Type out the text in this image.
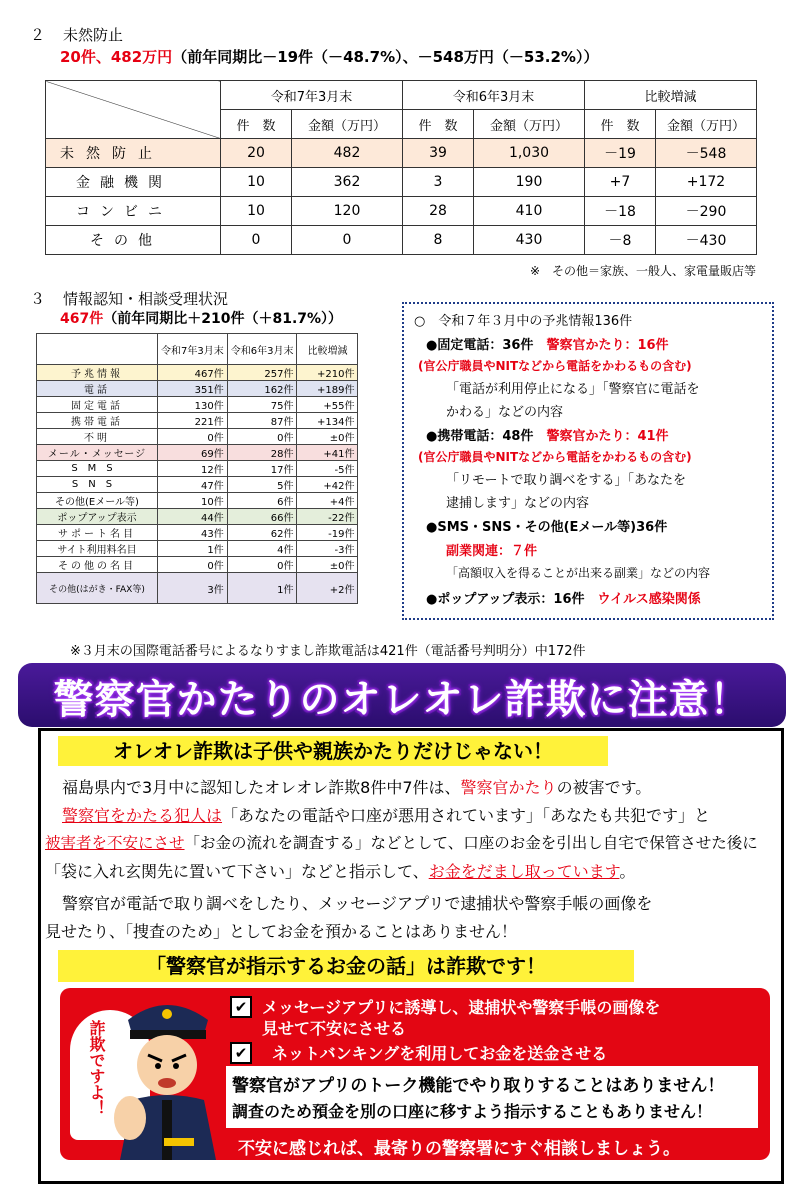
２ 未然防止
20件、482万円（前年同期比－19件（－48.7%）、－548万円（－53.2%））
	令和7年3月末		令和6年3月末		比較増減	
	件　数	金額（万円）	件　数	金額（万円）	件　数	金額（万円）
未然防止	20	482	39	1,030	－19	－548
金融機関	10	362	3	190	+7	+172
コンビニ	10	120	28	410	－18	－290
その他	0	0	8	430	－8	－430
※　その他＝家族、一般人、家電量販店等
３ 情報認知・相談受理状況
467件（前年同期比＋210件（＋81.7%））
	令和7年3月末	令和6年3月末	比較増減
予兆情報	467件	257件	+210件
電話	351件	162件	+189件
固定電話	130件	75件	+55件
携帯電話	221件	87件	+134件
不明	0件	0件	±0件
メール・メッセージ	69件	28件	+41件
SMS	12件	17件	-5件
SNS	47件	5件	+42件
その他(Eメール等)	10件	6件	+4件
ポップアップ表示	44件	66件	-22件
サポート名目	43件	62件	-19件
サイト利用料名目	1件	4件	-3件
その他の名目	0件	0件	±0件
その他(はがき・FAX等)	3件	1件	+2件
○　令和７年３月中の予兆情報136件
●固定電話：36件　 警察官かたり：16件
(官公庁職員やNITなどから電話をかわるもの含む)
「電話が利用停止になる」「警察官に電話を
かわる」などの内容
●携帯電話：48件　 警察官かたり：41件
(官公庁職員やNITなどから電話をかわるもの含む)
「リモートで取り調べをする」「あなたを
逮捕します」などの内容
●SMS・SNS・その他(Eメール等)36件
副業関連：７件
「高額収入を得ることが出来る副業」などの内容
●ポップアップ表示：16件　 ウイルス感染関係
※３月末の国際電話番号によるなりすまし詐欺電話は421件（電話番号判明分）中172件
警察官かたりのオレオレ詐欺に注意！
オレオレ詐欺は子供や親族かたりだけじゃない！
福島県内で3月中に認知したオレオレ詐欺8件中7件は、警察官かたりの被害です。
警察官をかたる犯人は「あなたの電話や口座が悪用されています」「あなたも共犯です」と
被害者を不安にさせ「お金の流れを調査する」などとして、口座のお金を引出し自宅で保管させた後に
「袋に入れ玄関先に置いて下さい」などと指示して、お金をだまし取っています。
警察官が電話で取り調べをしたり、メッセージアプリで逮捕状や警察手帳の画像を
見せたり、「捜査のため」としてお金を預かることはありません！
「警察官が指示するお金の話」は詐欺です！
詐欺ですよ！
✔ メッセージアプリに誘導し、逮捕状や警察手帳の画像を
見せて不安にさせる
✔ ネットバンキングを利用してお金を送金させる
警察官がアプリのトーク機能でやり取りすることはありません！
調査のため預金を別の口座に移すよう指示することもありません！
不安に感じれば、最寄りの警察署にすぐ相談しましょう。
